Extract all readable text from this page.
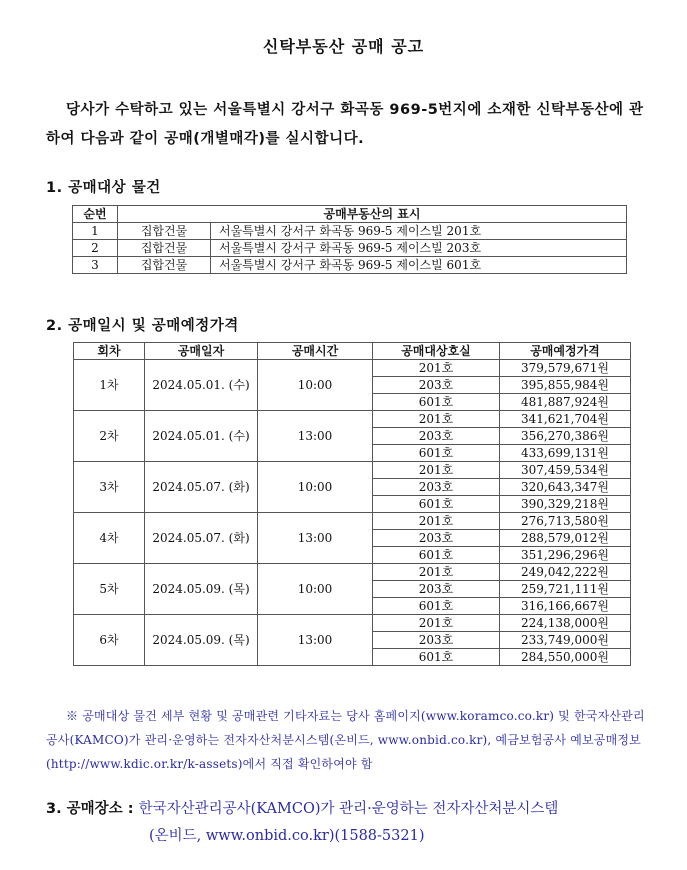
신탁부동산 공매 공고
당사가 수탁하고 있는 서울특별시 강서구 화곡동 969-5번지에 소재한 신탁부동산에 관하여 다음과 같이 공매(개별매각)를 실시합니다.
1. 공매대상 물건
순번	공매부동산의 표시	
1	집합건물	서울특별시 강서구 화곡동 969-5 제이스빌 201호
2	집합건물	서울특별시 강서구 화곡동 969-5 제이스빌 203호
3	집합건물	서울특별시 강서구 화곡동 969-5 제이스빌 601호
2. 공매일시 및 공매예정가격
회차	공매일자	공매시간	공매대상호실	공매예정가격
1차	2024.05.01. (수)	10:00	201호	379,579,671원
			203호	395,855,984원
			601호	481,887,924원
2차	2024.05.01. (수)	13:00	201호	341,621,704원
			203호	356,270,386원
			601호	433,699,131원
3차	2024.05.07. (화)	10:00	201호	307,459,534원
			203호	320,643,347원
			601호	390,329,218원
4차	2024.05.07. (화)	13:00	201호	276,713,580원
			203호	288,579,012원
			601호	351,296,296원
5차	2024.05.09. (목)	10:00	201호	249,042,222원
			203호	259,721,111원
			601호	316,166,667원
6차	2024.05.09. (목)	13:00	201호	224,138,000원
			203호	233,749,000원
			601호	284,550,000원
※ 공매대상 물건 세부 현황 및 공매관련 기타자료는 당사 홈페이지(www.koramco.co.kr) 및 한국자산관리공사(KAMCO)가 관리·운영하는 전자자산처분시스템(온비드, www.onbid.co.kr), 예금보험공사 예보공매정보(http://www.kdic.or.kr/k-assets)에서 직접 확인하여야 함
3. 공매장소 : 한국자산관리공사(KAMCO)가 관리·운영하는 전자자산처분시스템
(온비드, www.onbid.co.kr)(1588-5321)
